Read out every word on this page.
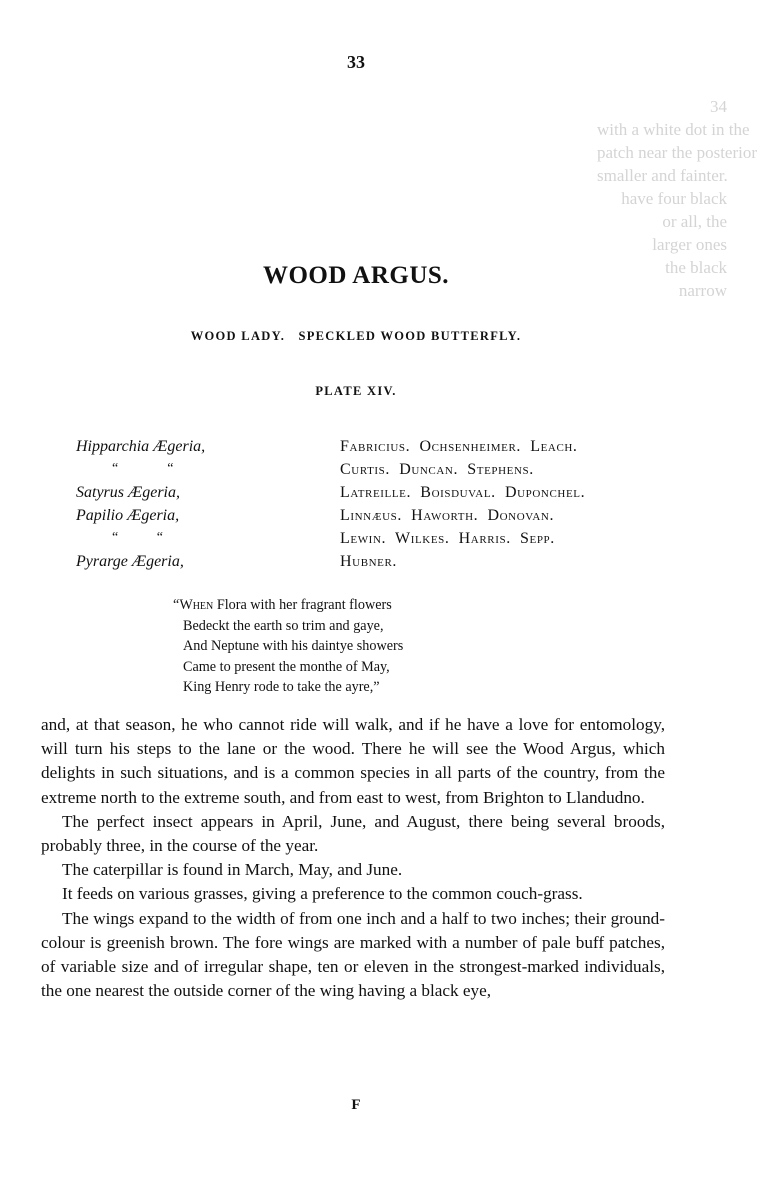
34
with a white dot in the
patch near the posterior
smaller and fainter.
have four black
or all, the
larger ones
the black
narrow
33
WOOD ARGUS.
WOOD LADY.   SPECKLED WOOD BUTTERFLY.
PLATE XIV.
Hipparchia Ægeria,	Fabricius.  Ochsenheimer.  Leach.
“              “	Curtis.  Duncan.  Stephens.
Satyrus Ægeria,	Latreille.  Boisduval.  Duponchel.
Papilio Ægeria,	Linnæus.  Haworth.  Donovan.
“           “	Lewin.  Wilkes.  Harris.  Sepp.
Pyrarge Ægeria,	Hubner.
“When Flora with her fragrant flowers
Bedeckt the earth so trim and gaye,
And Neptune with his daintye showers
Came to present the monthe of May,
King Henry rode to take the ayre,”

and, at that season, he who cannot ride will walk, and if he have a love for entomology, will turn his steps to the lane or the wood. There he will see the Wood Argus, which delights in such situations, and is a common species in all parts of the country, from the extreme north to the extreme south, and from east to west, from Brighton to Llandudno.

The perfect insect appears in April, June, and August, there being several broods, probably three, in the course of the year.

The caterpillar is found in March, May, and June.

It feeds on various grasses, giving a preference to the common couch-grass.

The wings expand to the width of from one inch and a half to two inches; their ground-colour is greenish brown. The fore wings are marked with a number of pale buff patches, of variable size and of irregular shape, ten or eleven in the strongest-marked individuals, the one nearest the outside corner of the wing having a black eye,

F
